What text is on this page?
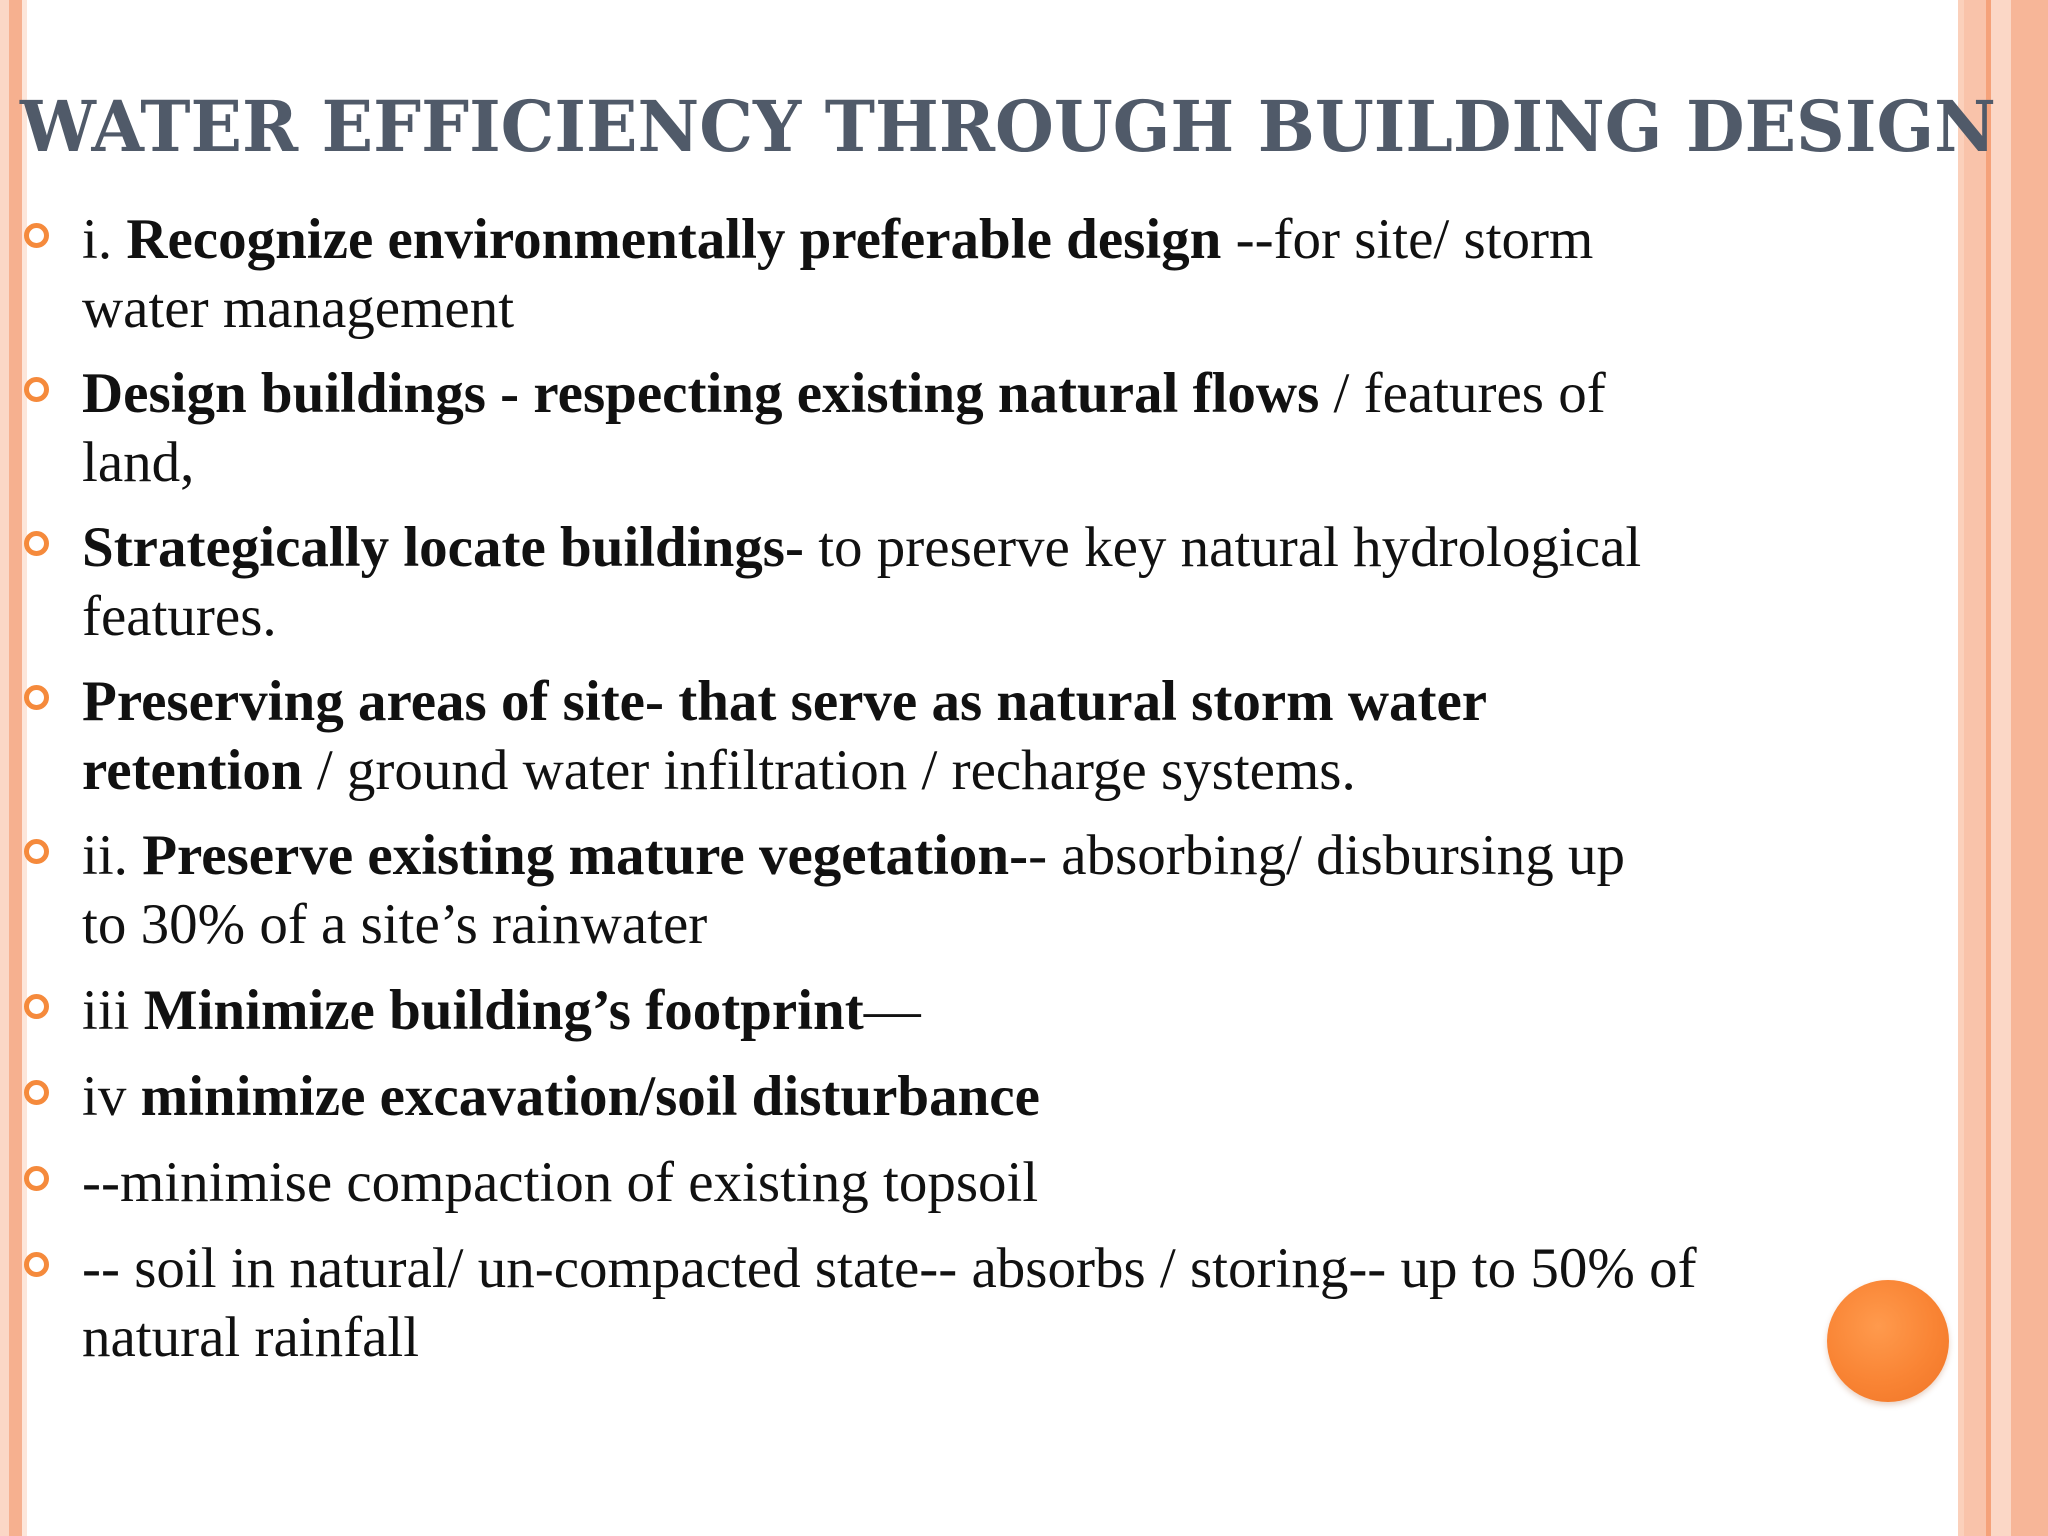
WATER EFFICIENCY THROUGH BUILDING DESIGN
i. Recognize environmentally preferable design --for site/ storm
water management
Design buildings - respecting existing natural flows / features of
land,
Strategically locate buildings- to preserve key natural hydrological
features.
Preserving areas of site- that serve as natural storm water
retention / ground water infiltration / recharge systems.
ii. Preserve existing mature vegetation-- absorbing/ disbursing up
to 30% of a site’s rainwater
iii Minimize building’s footprint—
iv minimize excavation/soil disturbance
--minimise compaction of existing topsoil
-- soil in natural/ un-compacted state-- absorbs / storing-- up to 50% of
natural rainfall
